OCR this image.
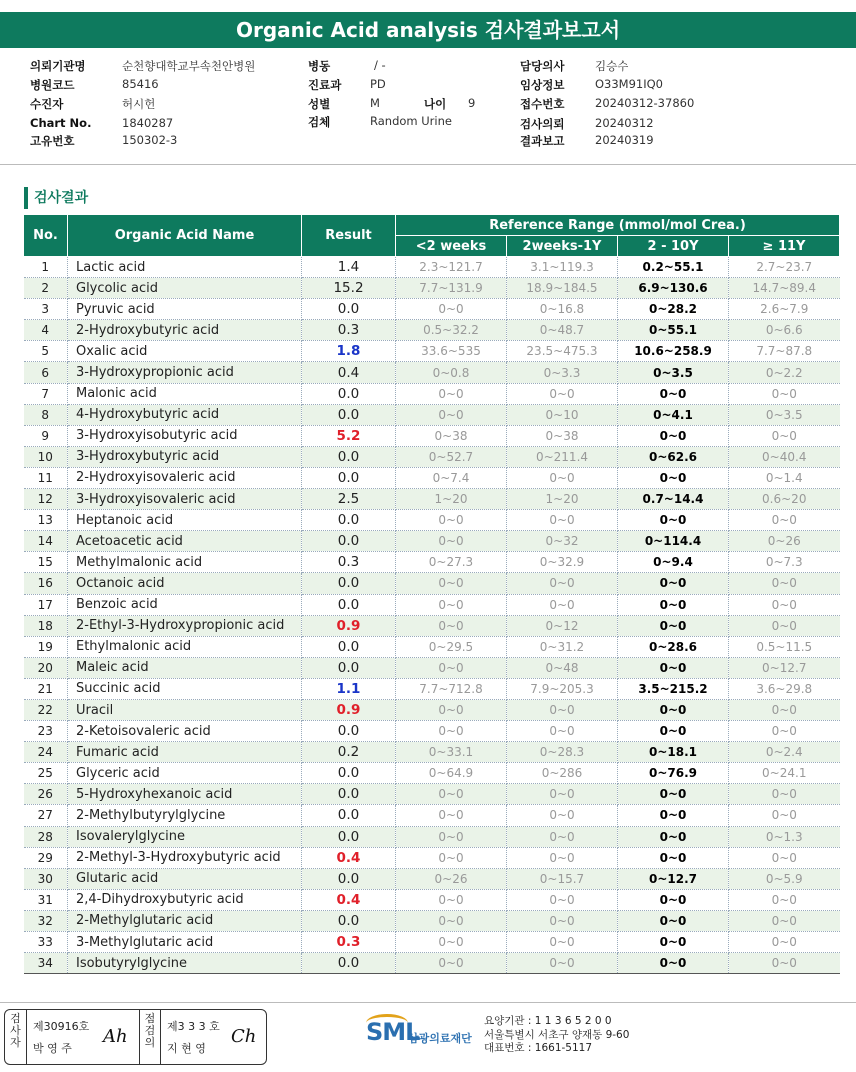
Organic Acid analysis 검사결과보고서
의뢰기관명	순천향대학교부속천안병원
병원코드	85416
수진자	허시헌
Chart No.	1840287
고유번호	150302-3
병동	/ -
진료과 PD
성별	M	나이 9
검체	Random Urine
담당의사	김승수
임상정보	O33M91IQ0
접수번호	20240312-37860
검사의뢰	20240312
결과보고	20240319
검사결과
No.	Organic Acid Name	Result	Reference Range (mmol/mol Crea.)			
			<2 weeks	2weeks-1Y	2 - 10Y	≥ 11Y
1	Lactic acid	1.4	2.3~121.7	3.1~119.3	0.2~55.1	2.7~23.7
2	Glycolic acid	15.2	7.7~131.9	18.9~184.5	6.9~130.6	14.7~89.4
3	Pyruvic acid	0.0	0~0	0~16.8	0~28.2	2.6~7.9
4	2-Hydroxybutyric acid	0.3	0.5~32.2	0~48.7	0~55.1	0~6.6
5	Oxalic acid	1.8	33.6~535	23.5~475.3	10.6~258.9	7.7~87.8
6	3-Hydroxypropionic acid	0.4	0~0.8	0~3.3	0~3.5	0~2.2
7	Malonic acid	0.0	0~0	0~0	0~0	0~0
8	4-Hydroxybutyric acid	0.0	0~0	0~10	0~4.1	0~3.5
9	3-Hydroxyisobutyric acid	5.2	0~38	0~38	0~0	0~0
10	3-Hydroxybutyric acid	0.0	0~52.7	0~211.4	0~62.6	0~40.4
11	2-Hydroxyisovaleric acid	0.0	0~7.4	0~0	0~0	0~1.4
12	3-Hydroxyisovaleric acid	2.5	1~20	1~20	0.7~14.4	0.6~20
13	Heptanoic acid	0.0	0~0	0~0	0~0	0~0
14	Acetoacetic acid	0.0	0~0	0~32	0~114.4	0~26
15	Methylmalonic acid	0.3	0~27.3	0~32.9	0~9.4	0~7.3
16	Octanoic acid	0.0	0~0	0~0	0~0	0~0
17	Benzoic acid	0.0	0~0	0~0	0~0	0~0
18	2-Ethyl-3-Hydroxypropionic acid	0.9	0~0	0~12	0~0	0~0
19	Ethylmalonic acid	0.0	0~29.5	0~31.2	0~28.6	0.5~11.5
20	Maleic acid	0.0	0~0	0~48	0~0	0~12.7
21	Succinic acid	1.1	7.7~712.8	7.9~205.3	3.5~215.2	3.6~29.8
22	Uracil	0.9	0~0	0~0	0~0	0~0
23	2-Ketoisovaleric acid	0.0	0~0	0~0	0~0	0~0
24	Fumaric acid	0.2	0~33.1	0~28.3	0~18.1	0~2.4
25	Glyceric acid	0.0	0~64.9	0~286	0~76.9	0~24.1
26	5-Hydroxyhexanoic acid	0.0	0~0	0~0	0~0	0~0
27	2-Methylbutyrylglycine	0.0	0~0	0~0	0~0	0~0
28	Isovalerylglycine	0.0	0~0	0~0	0~0	0~1.3
29	2-Methyl-3-Hydroxybutyric acid	0.4	0~0	0~0	0~0	0~0
30	Glutaric acid	0.0	0~26	0~15.7	0~12.7	0~5.9
31	2,4-Dihydroxybutyric acid	0.4	0~0	0~0	0~0	0~0
32	2-Methylglutaric acid	0.0	0~0	0~0	0~0	0~0
33	3-Methylglutaric acid	0.3	0~0	0~0	0~0	0~0
34	Isobutyrylglycine	0.0	0~0	0~0	0~0	0~0
검사자
제30916호
박 영 주
Ah
점검의
제3 3 3 호
지 현 영
Ch	SML
삼광의료재단
요양기관 : 1 1 3 6 5 2 0 0
서울특별시 서초구 양재동 9-60
대표번호 : 1661-5117
